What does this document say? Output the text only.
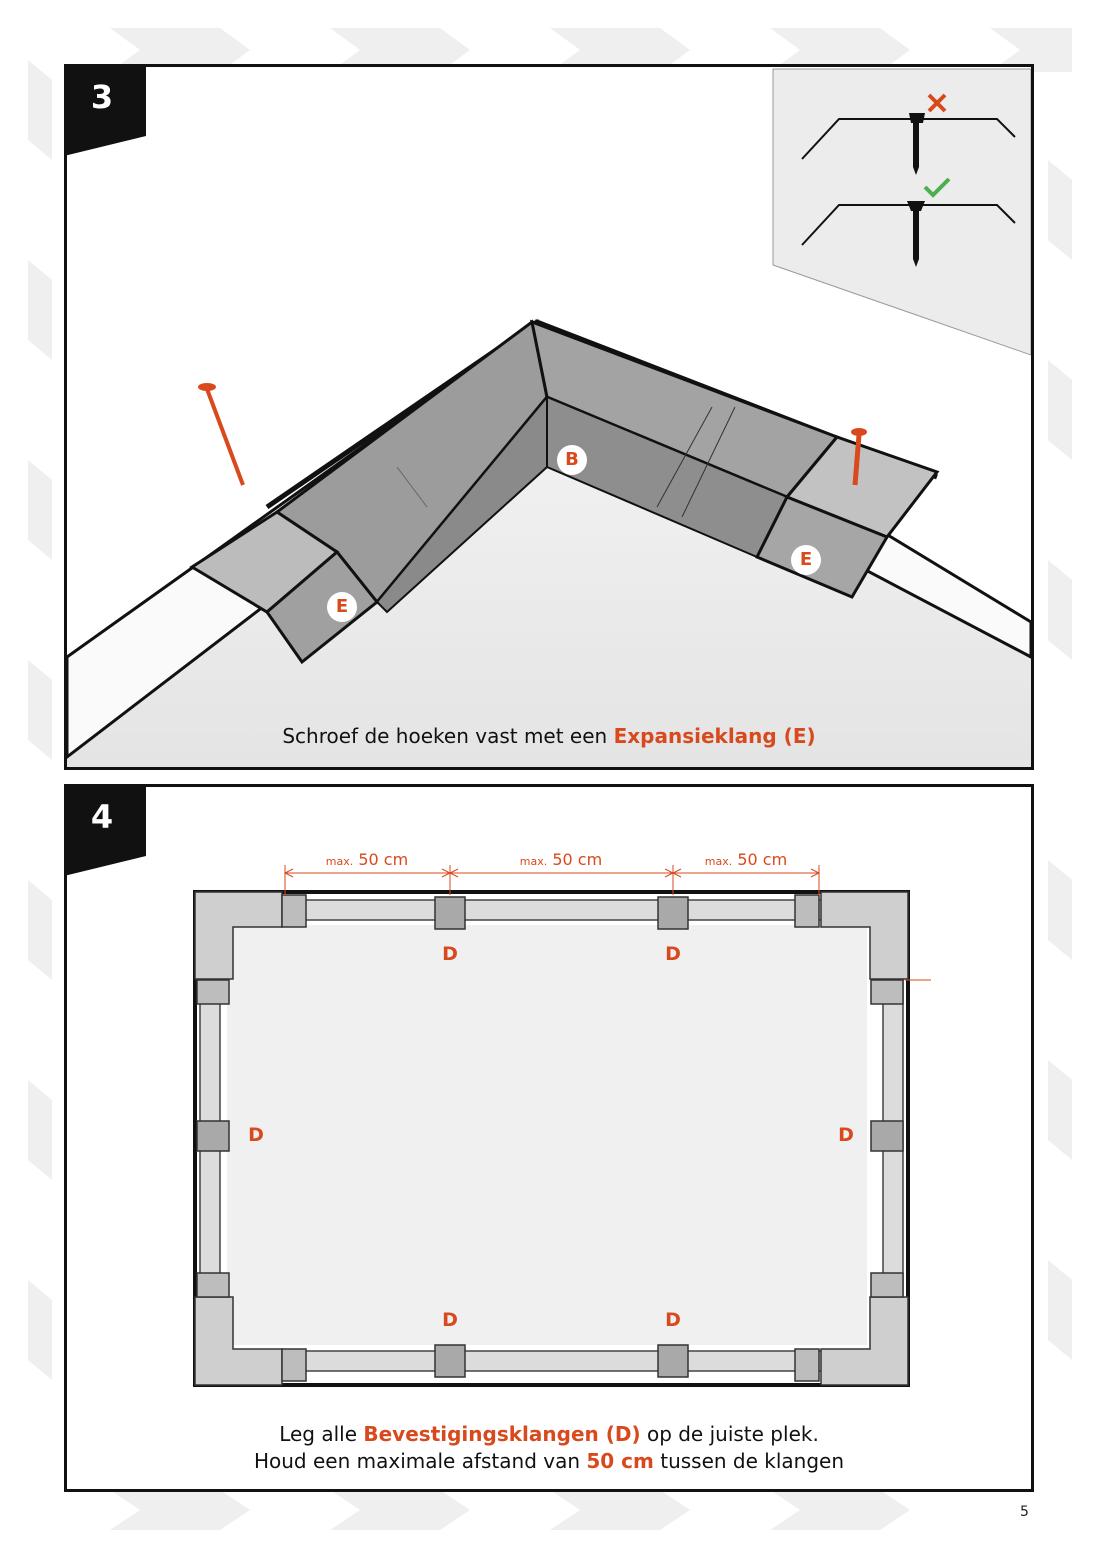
3
B
E
E
Schroef de hoeken vast met een Expansieklang (E)
4
max. 50 cm	max. 50 cm	max. 50 cm
D	D
D	D
D	D
Leg alle Bevestigingsklangen (D) op de juiste plek.
Houd een maximale afstand van 50 cm tussen de klangen
5
